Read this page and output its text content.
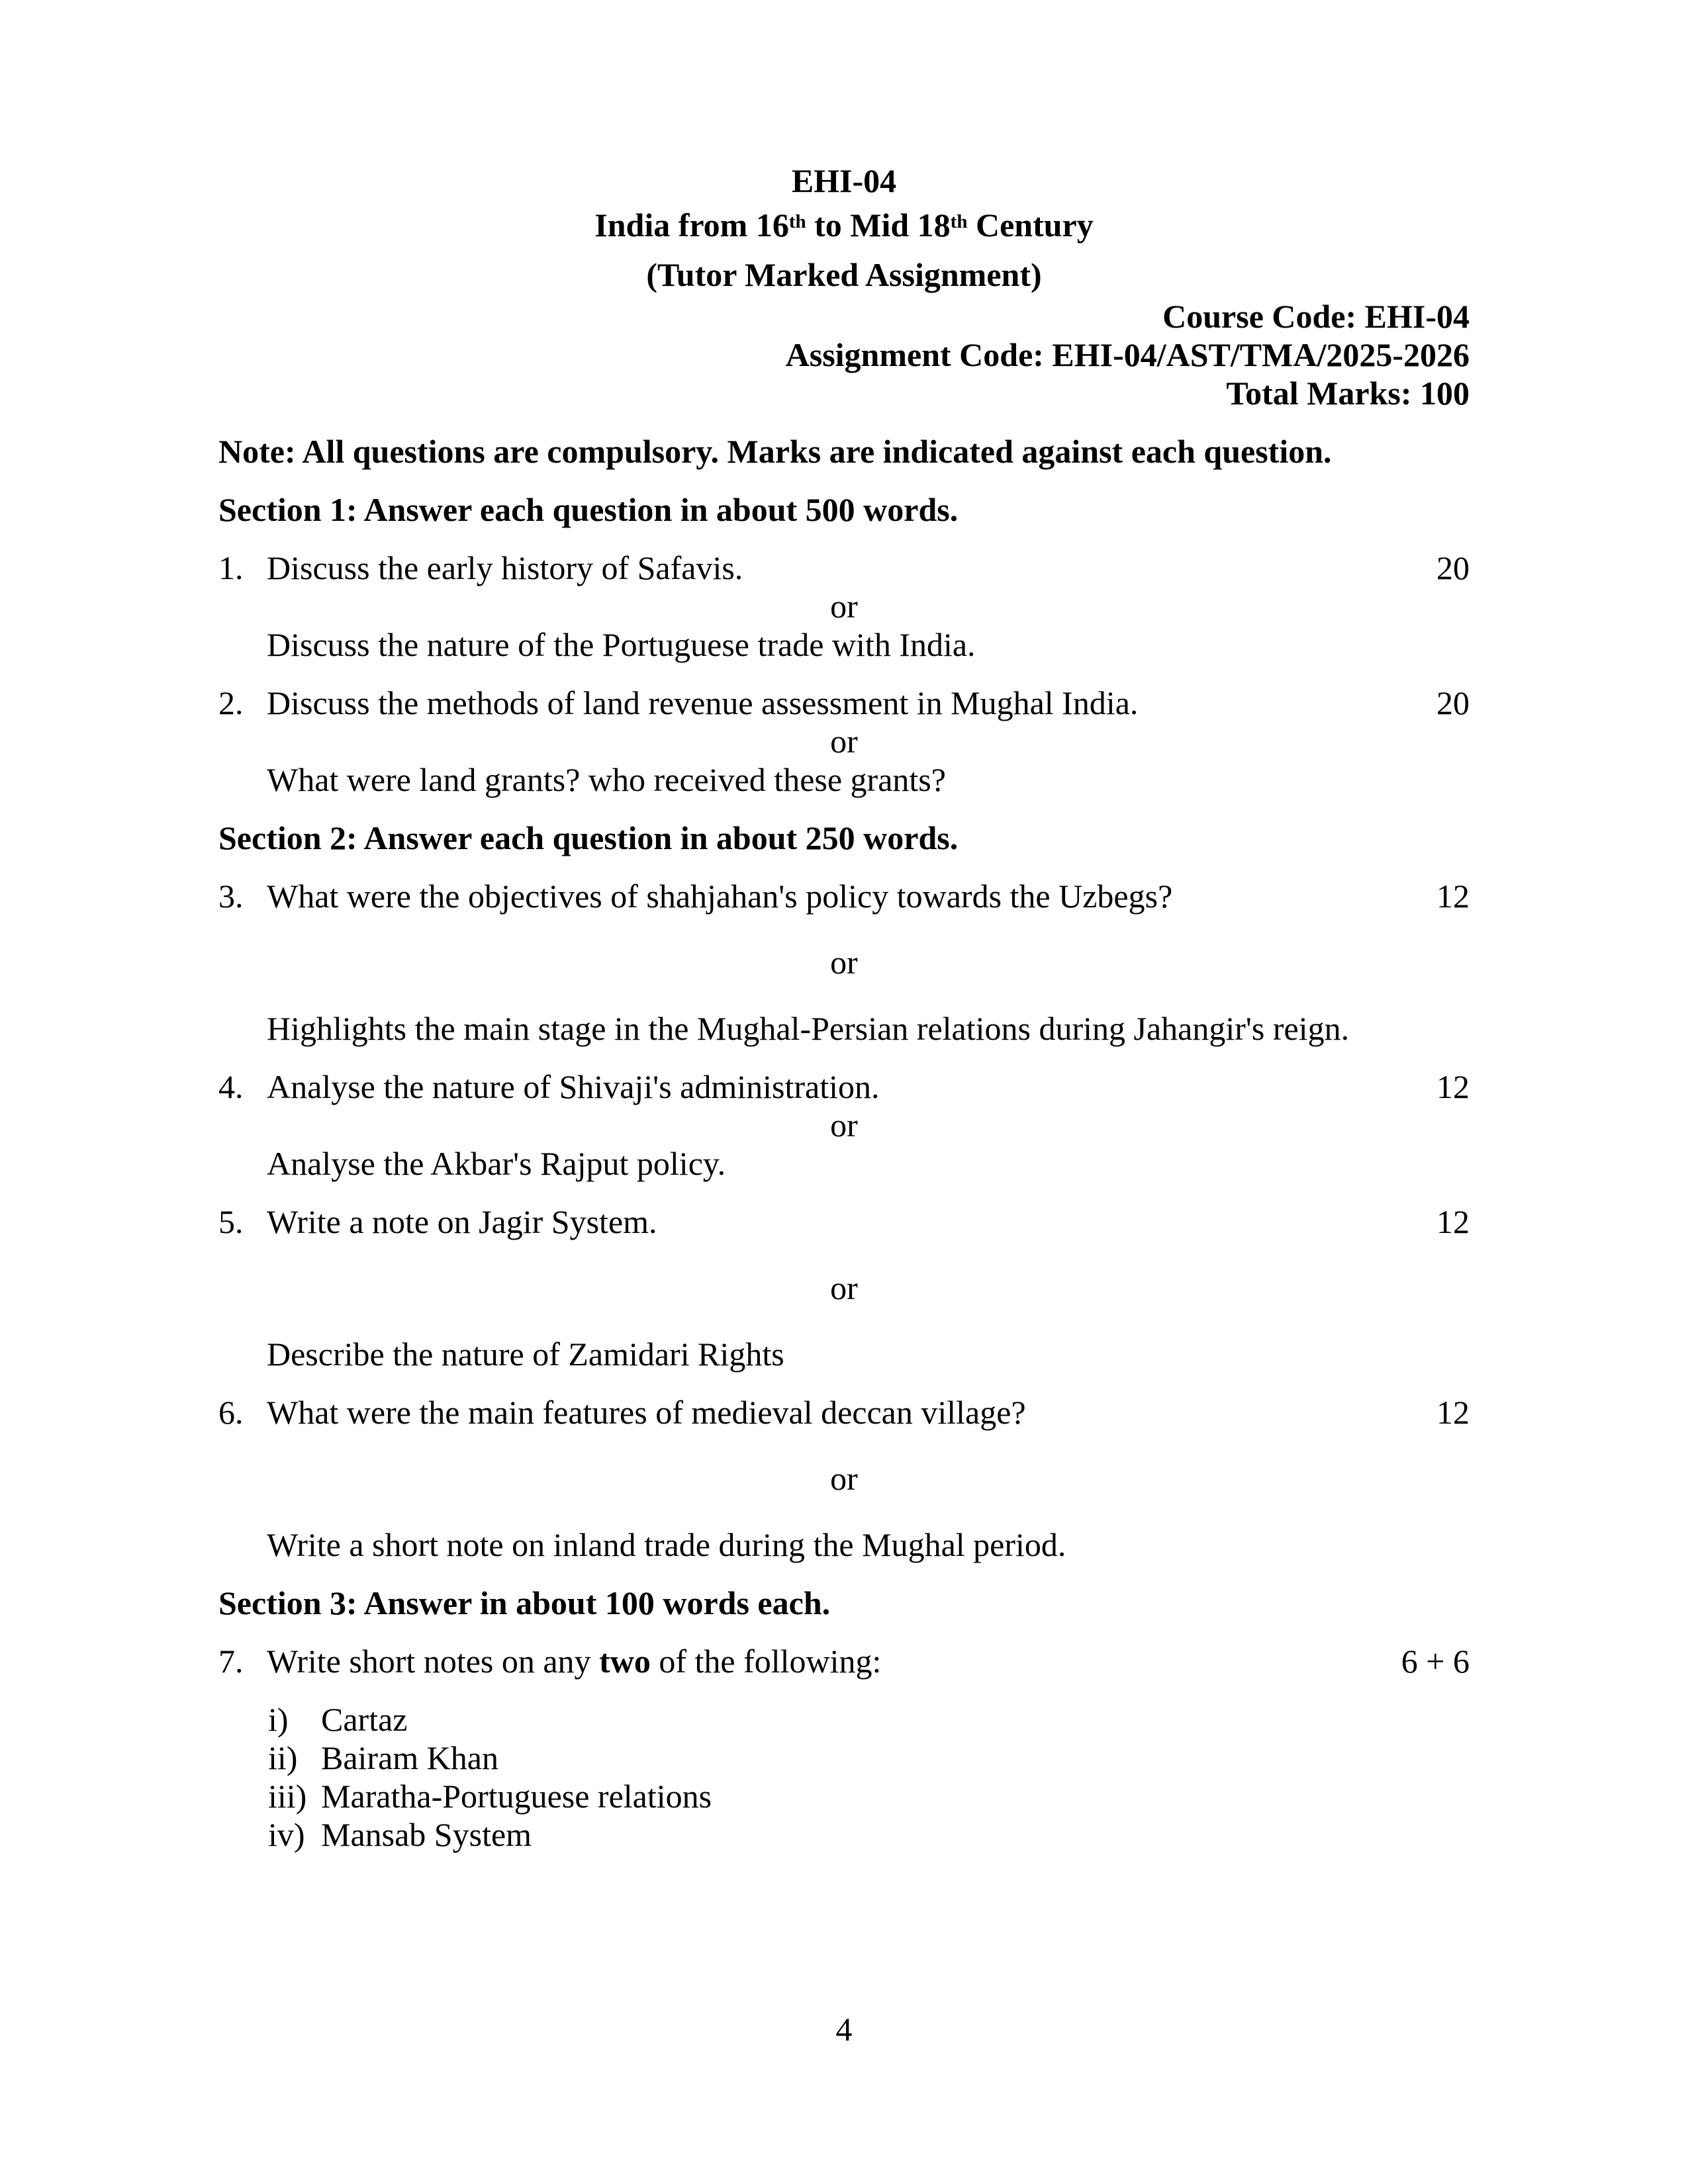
EHI-04
India from 16th to Mid 18th Century
(Tutor Marked Assignment)
Course Code: EHI-04
Assignment Code: EHI-04/AST/TMA/2025-2026
Total Marks: 100
Note: All questions are compulsory. Marks are indicated against each question.
Section 1: Answer each question in about 500 words.
1. Discuss the early history of Safavis.	20
or
Discuss the nature of the Portuguese trade with India.
2. Discuss the methods of land revenue assessment in Mughal India.	20
or
What were land grants? who received these grants?
Section 2: Answer each question in about 250 words.
3. What were the objectives of shahjahan's policy towards the Uzbegs?	12
or
Highlights the main stage in the Mughal-Persian relations during Jahangir's reign.
4. Analyse the nature of Shivaji's administration.	12
or
Analyse the Akbar's Rajput policy.
5. Write a note on Jagir System.	12
or
Describe the nature of Zamidari Rights
6. What were the main features of medieval deccan village?	12
or
Write a short note on inland trade during the Mughal period.
Section 3: Answer in about 100 words each.
7. Write short notes on any two of the following:	6 + 6
i) Cartaz
ii) Bairam Khan
iii) Maratha-Portuguese relations
iv) Mansab System
4
